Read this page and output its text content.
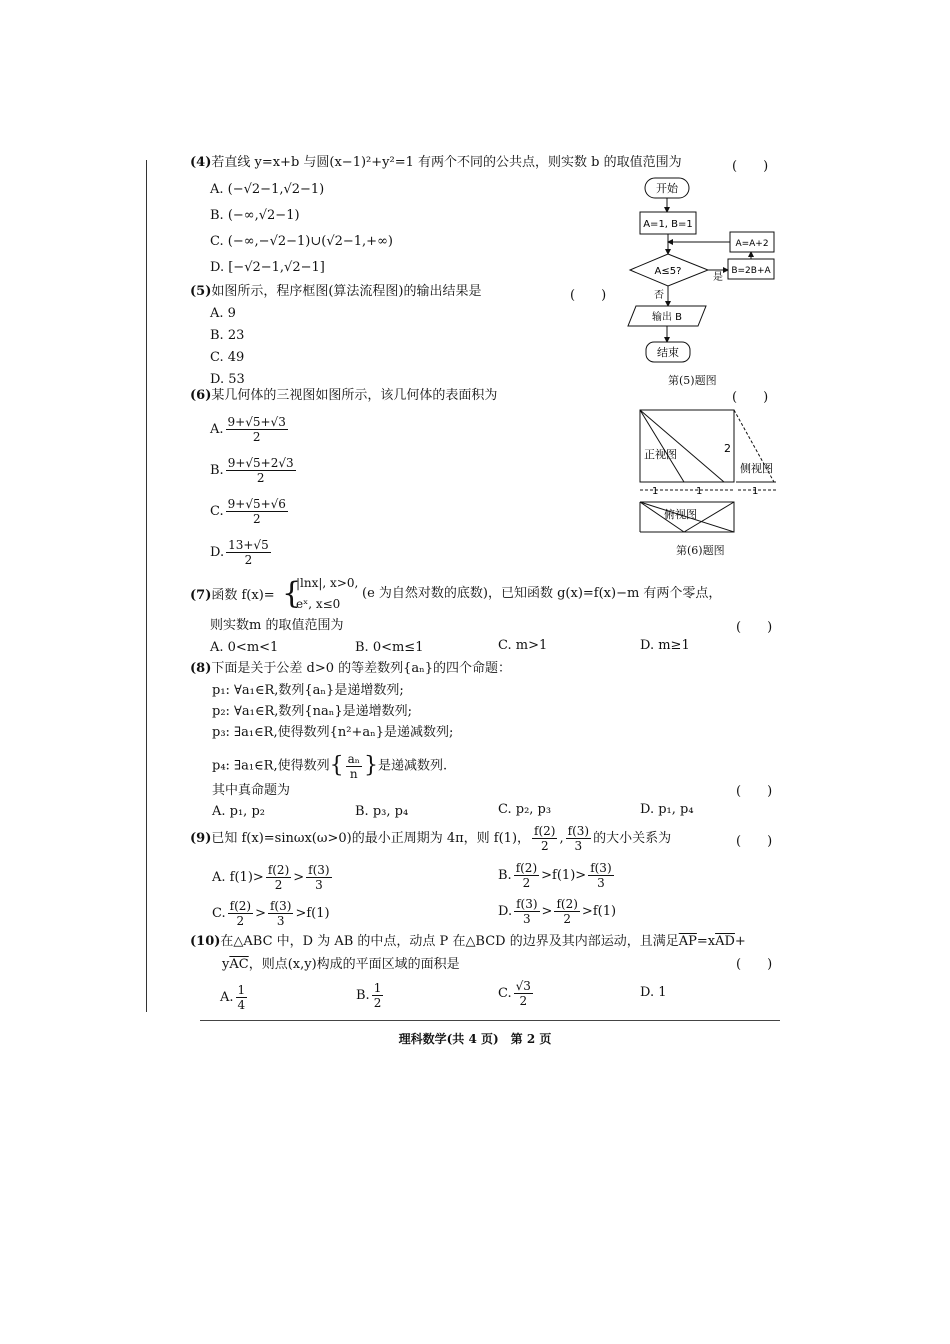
(4)若直线 y=x+b 与圆(x−1)²+y²=1 有两个不同的公共点，则实数 b 的取值范围为	(　　)
A. (−√2−1,√2−1)
B. (−∞,√2−1)
C. (−∞,−√2−1)∪(√2−1,+∞)
D. [−√2−1,√2−1]
(5)如图所示，程序框图(算法流程图)的输出结果是	(　　)
A. 9
B. 23
C. 49
D. 53
开始
A=1, B=1
A≤5?
是
B=2B+A
A=A+2
否
输出 B
结束
第(5)题图
(6)某几何体的三视图如图所示，该几何体的表面积为	(　　)
A. $\frac{9+√5+√3}{2}$
B. $\frac{9+√5+2√3}{2}$
C. $\frac{9+√5+√6}{2}$
D. $\frac{13+√5}{2}$
正视图	2
侧视图
1	1	1
俯视图
第(6)题图
(7)函数 f(x)= {
|lnx|, x>0,
eˣ, x≤0
(e 为自然对数的底数)，已知函数 g(x)=f(x)−m 有两个零点，
则实数m 的取值范围为	(　　)
A. 0<m<1	B. 0<m≤1	C. m>1	D. m≥1
(8)下面是关于公差 d>0 的等差数列{aₙ}的四个命题：
p₁: ∀a₁∈R,数列{aₙ}是递增数列;
p₂: ∀a₁∈R,数列{naₙ}是递增数列;
p₃: ∃a₁∈R,使得数列{n²+aₙ}是递减数列;
p₄: ∃a₁∈R,使得数列{ $\frac{\text{aₙ}}{n}$ }是递减数列.
其中真命题为	(　　)
A. p₁, p₂	B. p₃, p₄	C. p₂, p₃	D. p₁, p₄
(9)已知 f(x)=sinωx(ω>0)的最小正周期为 4π，则 f(1)， $\frac{f(2)}{2}$ , $\frac{f(3)}{3}$ 的大小关系为	(　　)
A. $f(1)> \frac{f(2)}{2} > \frac{f(3)}{3}$	B. $\frac{f(2)}{2} >f(1)> \frac{f(3)}{3}$
C. $\frac{f(2)}{2} > \frac{f(3)}{3} >f(1)$	D. $\frac{f(3)}{3} > \frac{f(2)}{2} >f(1)$
(10)在△ABC 中，D 为 AB 的中点，动点 P 在△BCD 的边界及其内部运动，且满足$\overline{AP}=x\overline{AD}+$
$y\overline{AC}$，则点(x,y)构成的平面区域的面积是	(　　)
A. $\frac{1}{4}$	B. $\frac{1}{2}$	C. $\frac{√3}{2}$	D. 1
理科数学(共 4 页)　第 2 页
